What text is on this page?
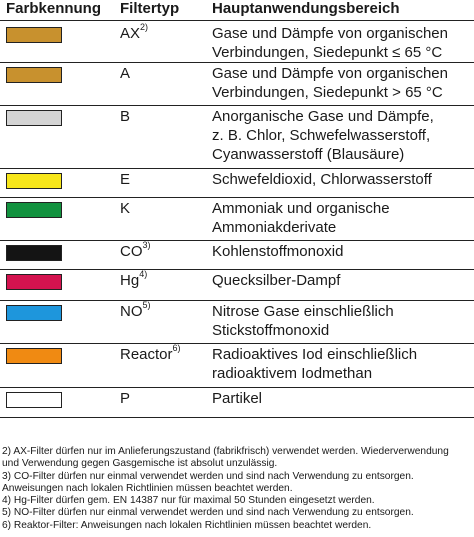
Farbkennung Filtertyp Hauptanwendungsbereich
AX$^{2)}$	Gase und Dämpfe von organischen
Verbindungen, Siedepunkt ≤ 65 °C
A	Gase und Dämpfe von organischen
Verbindungen, Siedepunkt > 65 °C
B	Anorganische Gase und Dämpfe,
z. B. Chlor, Schwefelwasserstoff,
Cyanwasserstoff (Blausäure)
E	Schwefeldioxid, Chlorwasserstoff
K	Ammoniak und organische
Ammoniakderivate
CO$^{3)}$	Kohlenstoffmonoxid
Hg$^{4)}$	Quecksilber-Dampf
NO$^{5)}$	Nitrose Gase einschließlich
Stickstoffmonoxid
Reactor$^{6)}$ Radioaktives Iod einschließlich
radioaktivem Iodmethan
P	Partikel
2) AX-Filter dürfen nur im Anlieferungszustand (fabrikfrisch) verwendet werden. Wiederverwendung
und Verwendung gegen Gasgemische ist absolut unzulässig.
3) CO-Filter dürfen nur einmal verwendet werden und sind nach Verwendung zu entsorgen.
Anweisungen nach lokalen Richtlinien müssen beachtet werden.
4) Hg-Filter dürfen gem. EN 14387 nur für maximal 50 Stunden eingesetzt werden.
5) NO-Filter dürfen nur einmal verwendet werden und sind nach Verwendung zu entsorgen.
6) Reaktor-Filter: Anweisungen nach lokalen Richtlinien müssen beachtet werden.
